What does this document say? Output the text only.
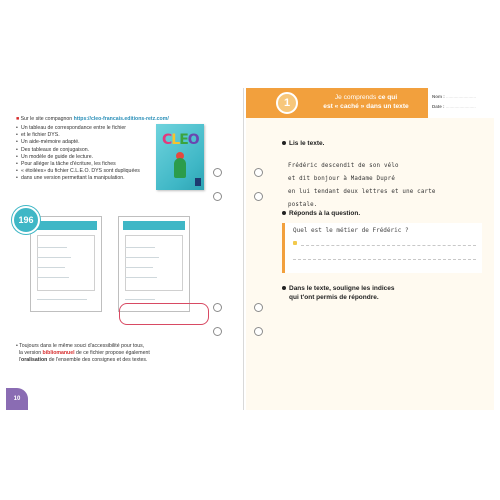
■ Sur le site compagnon https://cleo-francais.editions-retz.com/
• Un tableau de correspondance entre le fichier
• et le fichier DYS.
• Un aide-mémoire adapté.
• Des tableaux de conjugaison.
• Un modèle de guide de lecture.
• Pour alléger la tâche d'écriture, les fiches
• « étoilées» du fichier C.L.E.O. DYS sont dupliquées
• dans une version permettant la manipulation.
CLEO
196
• Toujours dans le même souci d'accessibilité pour tous,
la version bibliomanuel de ce fichier propose également
l'oralisation de l'ensemble des consignes et des textes.
10
1	Je comprends ce qui
est « caché » dans un texte
Nom : ........................
Date : ........................
Lis le texte.
Frédéric descendit de son vélo
et dit bonjour à Madame Dupré
en lui tendant deux lettres et une carte postale.
Réponds à la question.
Quel est le métier de Frédéric ?
Dans le texte, souligne les indices
qui t'ont permis de répondre.
